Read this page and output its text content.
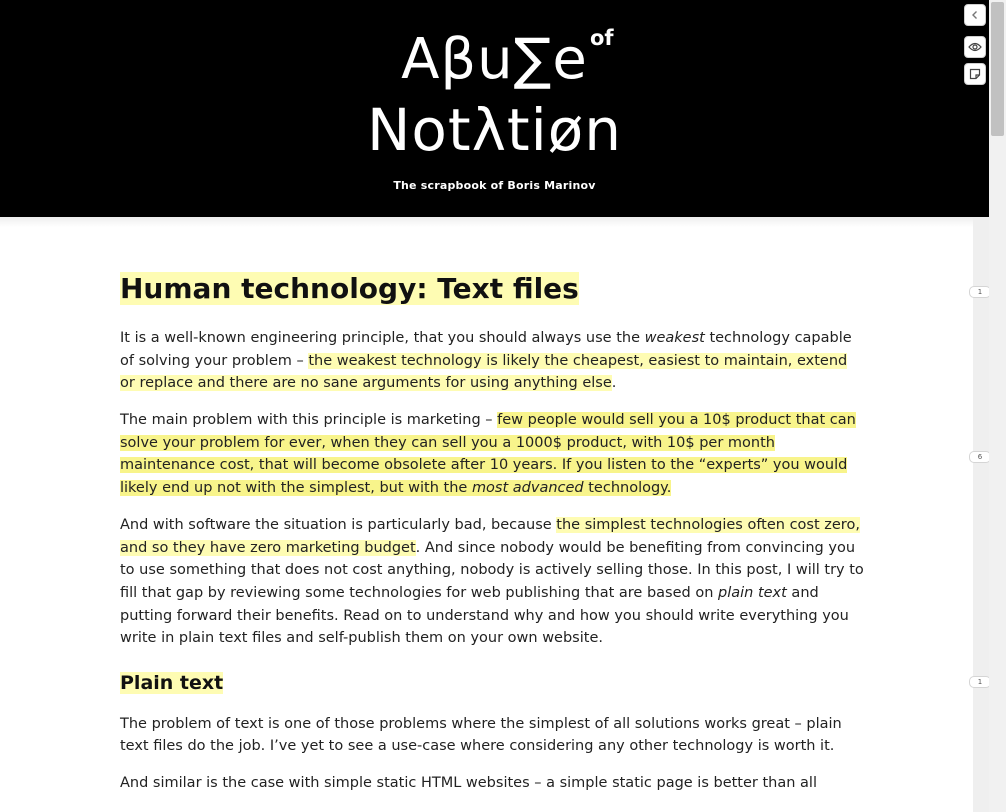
Aβu∑e of
Notλtiøn
The scrapbook of Boris Marinov
1
6
1
Human technology: Text files

It is a well-known engineering principle, that you should always use the weakest technology capable of solving your problem – the weakest technology is likely the cheapest, easiest to maintain, extend or replace and there are no sane arguments for using anything else.

The main problem with this principle is marketing – few people would sell you a 10$ product that can solve your problem for ever, when they can sell you a 1000$ product, with 10$ per month maintenance cost, that will become obsolete after 10 years. If you listen to the “experts” you would likely end up not with the simplest, but with the most advanced technology.

And with software the situation is particularly bad, because the simplest technologies often cost zero, and so they have zero marketing budget. And since nobody would be benefiting from convincing you to use something that does not cost anything, nobody is actively selling those. In this post, I will try to fill that gap by reviewing some technologies for web publishing that are based on plain text and putting forward their benefits. Read on to understand why and how you should write everything you write in plain text files and self-publish them on your own website.

Plain text

The problem of text is one of those problems where the simplest of all solutions works great – plain text files do the job. I’ve yet to see a use-case where considering any other technology is worth it.

And similar is the case with simple static HTML websites – a simple static page is better than all
